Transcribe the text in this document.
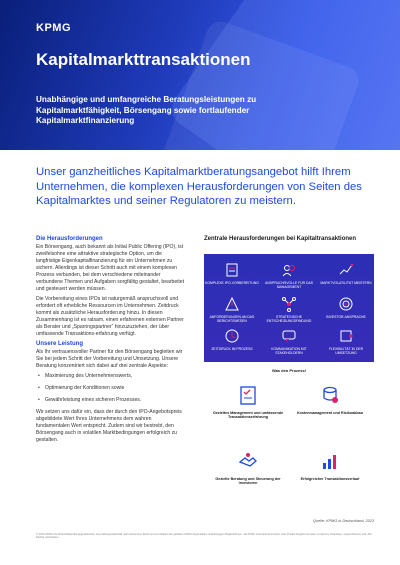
KPMG
Kapitalmarkttransaktionen
Unabhängige und umfangreiche Beratungsleistungen zu Kapitalmarktfähigkeit, Börsengang sowie fortlaufender Kapitalmarktfinanzierung
Unser ganzheitliches Kapitalmarktberatungsangebot hilft Ihrem Unternehmen, die komplexen Herausforderungen von Seiten des Kapitalmarktes und seiner Regulatoren zu meistern.
Die Herausforderungen

Ein Börsengang, auch bekannt als Initial Public Offering (IPO), ist zweifelsohne eine attraktive strategische Option, um die langfristige Eigenkapitalfinanzierung für ein Unternehmen zu sichern. Allerdings ist dieser Schritt auch mit einem komplexen Prozess verbunden, bei dem verschiedene miteinander verbundene Themen und Aufgaben sorgfältig gestaltet, bearbeitet und gesteuert werden müssen.

Die Vorbereitung eines IPOs ist naturgemäß anspruchsvoll und erfordert oft erhebliche Ressourcen im Unternehmen. Zeitdruck kommt als zusätzliche Herausforderung hinzu. In diesen Zusammenhang ist es ratsam, einen erfahrenen externen Partner als Berater und „Sparringspartner“ hinzuzuziehen, der über umfassende Transaktions-erfahrung verfügt.

Unsere Leistung

Als Ihr vertrauensvoller Partner für den Börsengang begleiten wir Sie bei jedem Schritt der Vorbereitung und Umsetzung. Unsere Beratung konzentriert sich dabei auf drei zentrale Aspekte:

• Maximierung des Unternehmenswerts,
• Optimierung der Konditionen sowie
• Gewährleistung eines sicheren Prozesses.

Wir setzen uns dafür ein, dass der durch den IPO-Angebotspreis abgebildete Wert Ihres Unternehmens dem wahren fundamentalen Wert entspricht. Zudem sind wir bestrebt, den Börsengang auch in volatilen Marktbedingungen erfolgreich zu gestalten.

Zentrale Herausforderungen bei Kapitaltransaktionen
KOMPLEXE IPO-VORBEREITUNG	ANSPRUCHSVOLLE FÜR DAS MANAGEMENT
MARKTVOLATILITÄT MEISTERN
ANFORDERUNGEN AN DAS BERICHTSWESEN
STRATEGISCHE ENTSCHEIDUNGSFINDUNG
INVESTOR-ANSPRACHE
ZEITDRUCK IM PROZESS	KOMMUNIKATION MIT STAKEHOLDERN
FLEXIBILITÄT IN DER UMSETZUNG
Was den Prozess!
Gezieltes Management und umfassende Transaktionserfahrung
Kostenmanagement und Risikoabbau
Gezielte Beratung und Steuerung der Investoren
Erfolgreicher Transaktionsverlauf
Quelle: KPMG in Deutschland, 2023
© 2024 KPMG AG Wirtschaftsprüfungsgesellschaft, eine Aktiengesellschaft nach deutschem Recht und ein Mitglied der globalen KPMG-Organisation unabhängiger Mitgliedsfirmen, die KPMG International Limited, einer Private English Company Limited by Guarantee, angeschlossen sind. Alle Rechte vorbehalten.
